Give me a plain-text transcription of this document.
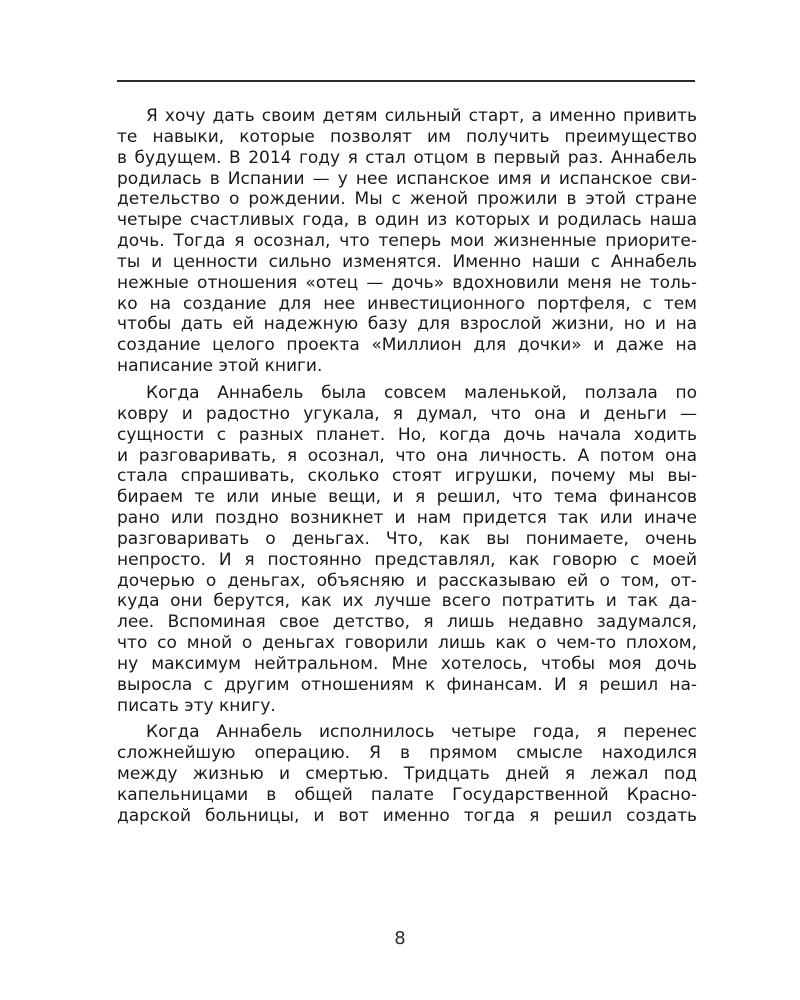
Я хочу дать своим детям сильный старт, а именно привить
те навыки, которые позволят им получить преимущество
в будущем. В 2014 году я стал отцом в первый раз. Аннабель
родилась в Испании — у нее испанское имя и испанское сви-
детельство о рождении. Мы с женой прожили в этой стране
четыре счастливых года, в один из которых и родилась наша
дочь. Тогда я осознал, что теперь мои жизненные приорите-
ты и ценности сильно изменятся. Именно наши с Аннабель
нежные отношения «отец — дочь» вдохновили меня не толь-
ко на создание для нее инвестиционного портфеля, с тем
чтобы дать ей надежную базу для взрослой жизни, но и на
создание целого проекта «Миллион для дочки» и даже на
написание этой книги.
Когда Аннабель была совсем маленькой, ползала по
ковру и радостно угукала, я думал, что она и деньги —
сущности с разных планет. Но, когда дочь начала ходить
и разговаривать, я осознал, что она личность. А потом она
стала спрашивать, сколько стоят игрушки, почему мы вы-
бираем те или иные вещи, и я решил, что тема финансов
рано или поздно возникнет и нам придется так или иначе
разговаривать о деньгах. Что, как вы понимаете, очень
непросто. И я постоянно представлял, как говорю с моей
дочерью о деньгах, объясняю и рассказываю ей о том, от-
куда они берутся, как их лучше всего потратить и так да-
лее. Вспоминая свое детство, я лишь недавно задумался,
что со мной о деньгах говорили лишь как о чем-то плохом,
ну максимум нейтральном. Мне хотелось, чтобы моя дочь
выросла с другим отношениям к финансам. И я решил на-
писать эту книгу.
Когда Аннабель исполнилось четыре года, я перенес
сложнейшую операцию. Я в прямом смысле находился
между жизнью и смертью. Тридцать дней я лежал под
капельницами в общей палате Государственной Красно-
дарской больницы, и вот именно тогда я решил создать
8
